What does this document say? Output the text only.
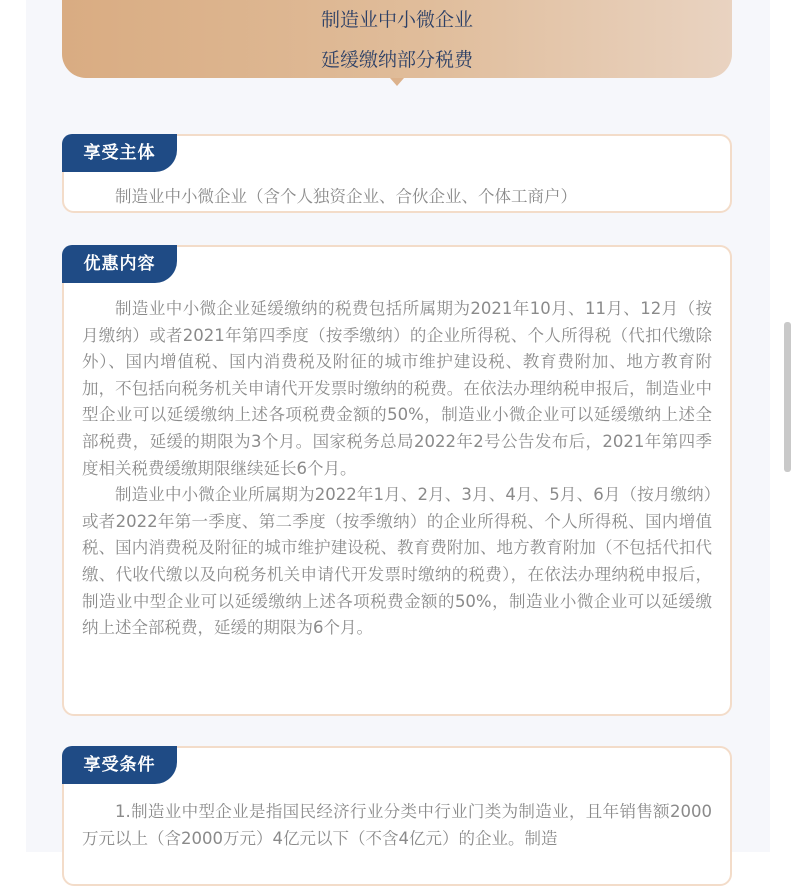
制造业中小微企业
延缓缴纳部分税费
享受主体

制造业中小微企业（含个人独资企业、合伙企业、个体工商户）

优惠内容

制造业中小微企业延缓缴纳的税费包括所属期为2021年10月、11月、12月（按月缴纳）或者2021年第四季度（按季缴纳）的企业所得税、个人所得税（代扣代缴除外）、国内增值税、国内消费税及附征的城市维护建设税、教育费附加、地方教育附加，不包括向税务机关申请代开发票时缴纳的税费。在依法办理纳税申报后，制造业中型企业可以延缓缴纳上述各项税费金额的50%，制造业小微企业可以延缓缴纳上述全部税费，延缓的期限为3个月。国家税务总局2022年2号公告发布后，2021年第四季度相关税费缓缴期限继续延长6个月。

制造业中小微企业所属期为2022年1月、2月、3月、4月、5月、6月（按月缴纳）或者2022年第一季度、第二季度（按季缴纳）的企业所得税、个人所得税、国内增值税、国内消费税及附征的城市维护建设税、教育费附加、地方教育附加（不包括代扣代缴、代收代缴以及向税务机关申请代开发票时缴纳的税费），在依法办理纳税申报后，制造业中型企业可以延缓缴纳上述各项税费金额的50%，制造业小微企业可以延缓缴纳上述全部税费，延缓的期限为6个月。

享受条件

1.制造业中型企业是指国民经济行业分类中行业门类为制造业，且年销售额2000万元以上（含2000万元）4亿元以下（不含4亿元）的企业。制造
